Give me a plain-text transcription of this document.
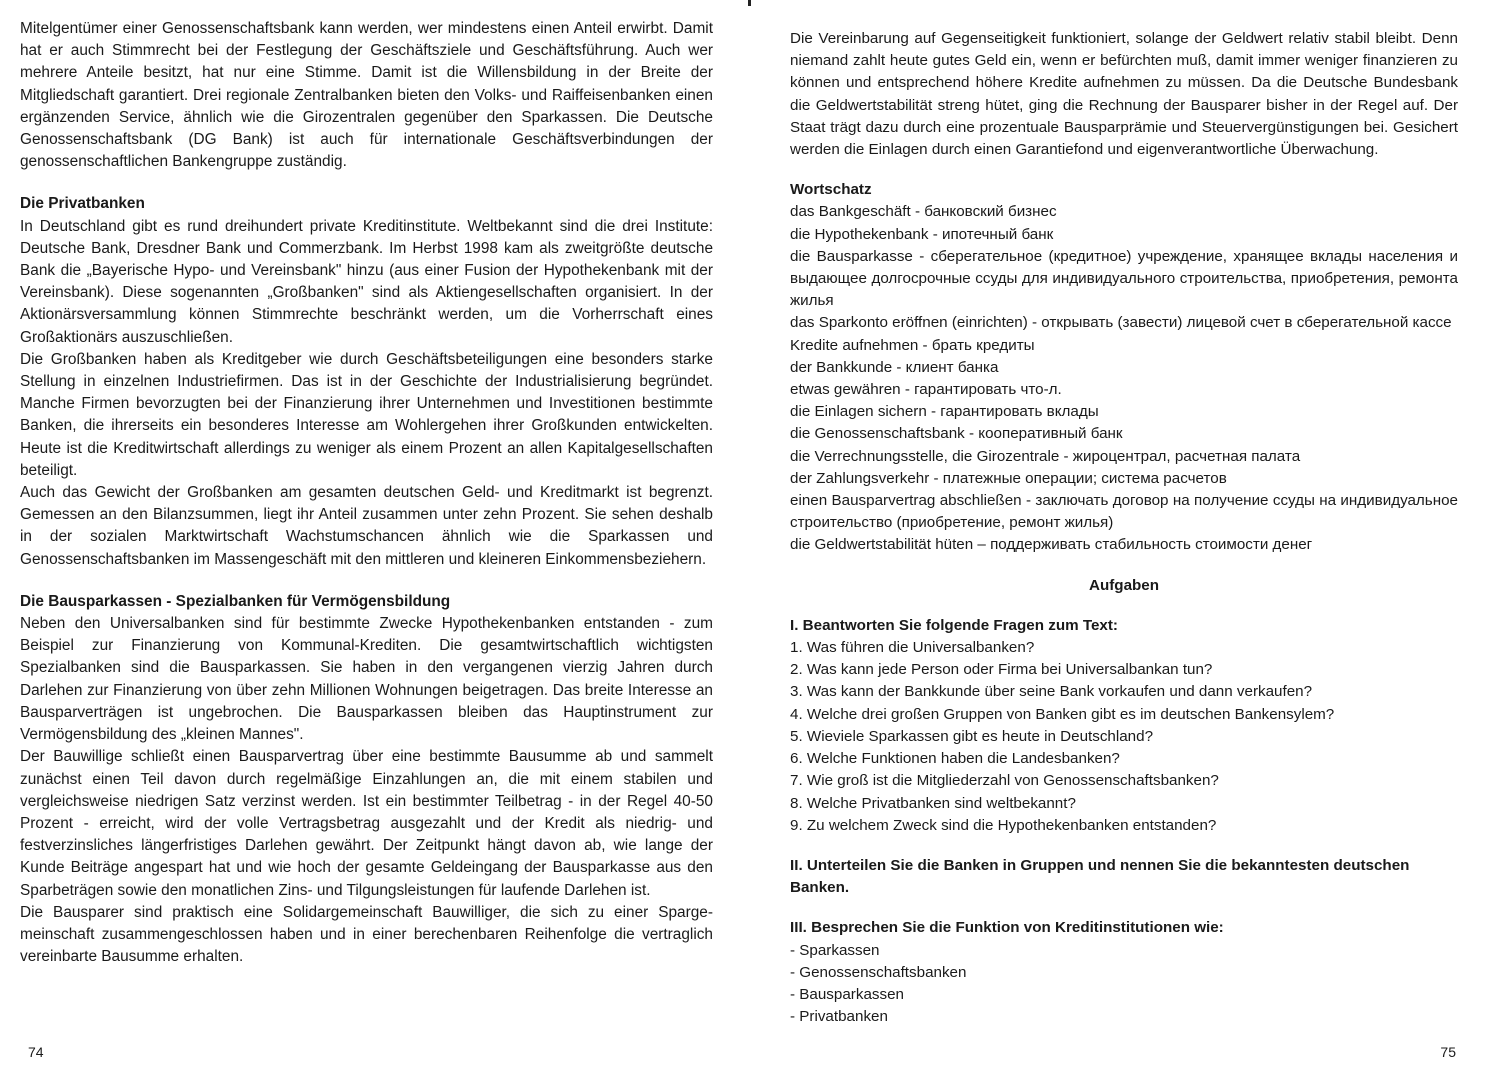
Mitelgentümer einer Genossenschaftsbank kann werden, wer mindestens einen Anteil erwirbt. Damit hat er auch Stimmrecht bei der Festlegung der Geschäftsziele und Geschäftsführung. Auch wer mehrere Anteile besitzt, hat nur eine Stimme. Damit ist die Willensbildung in der Breite der Mitgliedschaft garantiert. Drei regionale Zentralbanken bieten den Volks- und Raiffeisenbanken einen ergänzenden Service, ähnlich wie die Girozentralen gegenüber den Sparkassen. Die Deutsche Genossenschaftsbank (DG Bank) ist auch für internationale Geschäftsverbindungen der genossenschaftlichen Bankengruppe zuständig.

Die Privatbanken

In Deutschland gibt es rund dreihundert private Kreditinstitute. Weltbekannt sind die drei Institute: Deutsche Bank, Dresdner Bank und Commerzbank. Im Herbst 1998 kam als zweitgrößte deutsche Bank die „Bayerische Hypo- und Vereinsbank" hinzu (aus einer Fusion der Hypothekenbank mit der Vereinsbank). Diese sogenannten „Großbanken" sind als Aktiengesellschaften organisiert. In der Aktionärsversammlung können Stimmrechte beschränkt werden, um die Vorherrschaft eines Großaktionärs auszuschließen.

Die Großbanken haben als Kreditgeber wie durch Geschäftsbeteiligungen eine besonders starke Stellung in einzelnen Industriefirmen. Das ist in der Geschichte der Industrialisierung begründet. Manche Firmen bevorzugten bei der Finanzierung ihrer Unternehmen und Investitionen bestimmte Banken, die ihrerseits ein besonderes Interesse am Wohlergehen ihrer Großkunden entwickelten. Heute ist die Kreditwirtschaft allerdings zu weniger als einem Prozent an allen Kapitalgesellschaften beteiligt.

Auch das Gewicht der Großbanken am gesamten deutschen Geld- und Kreditmarkt ist begrenzt. Gemessen an den Bilanzsummen, liegt ihr Anteil zusammen unter zehn Prozent. Sie sehen deshalb in der sozialen Marktwirtschaft Wachstumschancen ähnlich wie die Sparkassen und Genossenschaftsbanken im Massengeschäft mit den mittleren und kleineren Einkommensbeziehern.

Die Bausparkassen - Spezialbanken für Vermögensbildung

Neben den Universalbanken sind für bestimmte Zwecke Hypothekenbanken entstanden - zum Beispiel zur Finanzierung von Kommunal-Krediten. Die gesamtwirtschaftlich wichtigsten Spezialbanken sind die Bausparkassen. Sie haben in den vergangenen vierzig Jahren durch Darlehen zur Finanzierung von über zehn Millionen Wohnungen beigetragen. Das breite Interesse an Bausparverträgen ist ungebrochen. Die Bausparkassen bleiben das Hauptinstrument zur Vermögensbildung des „kleinen Mannes".

Der Bauwillige schließt einen Bausparvertrag über eine bestimmte Bausumme ab und sammelt zunächst einen Teil davon durch regelmäßige Einzahlungen an, die mit einem stabilen und vergleichsweise niedrigen Satz verzinst werden. Ist ein bestimmter Teilbetrag - in der Regel 40-50 Prozent - erreicht, wird der volle Vertragsbetrag ausgezahlt und der Kredit als niedrig- und festverzinsliches längerfristiges Darlehen gewährt. Der Zeitpunkt hängt davon ab, wie lange der Kunde Beiträge angespart hat und wie hoch der gesamte Geldeingang der Bausparkasse aus den Sparbeträgen sowie den monatlichen Zins- und Tilgungsleistungen für laufende Darlehen ist.

Die Bausparer sind praktisch eine Solidargemeinschaft Bauwilliger, die sich zu einer Sparge-meinschaft zusammengeschlossen haben und in einer berechenbaren Reihenfolge die vertraglich vereinbarte Bausumme erhalten.

74

Die Vereinbarung auf Gegenseitigkeit funktioniert, solange der Geldwert relativ stabil bleibt. Denn niemand zahlt heute gutes Geld ein, wenn er befürchten muß, damit immer weniger finanzieren zu können und entsprechend höhere Kredite aufnehmen zu müssen. Da die Deutsche Bundesbank die Geldwertstabilität streng hütet, ging die Rechnung der Bausparer bisher in der Regel auf. Der Staat trägt dazu durch eine prozentuale Bausparprämie und Steuervergünstigungen bei. Gesichert werden die Einlagen durch einen Garantiefond und eigenverantwortliche Überwachung.

Wortschatz

das Bankgeschäft - банковский бизнес

die Hypothekenbank - ипотечный банк

die Bausparkasse - сберегательное (кредитное) учреждение, хранящее вклады населения и выдающее долгосрочные ссуды для индивидуального строительства, приобретения, ремонта жилья

das Sparkonto eröffnen (einrichten) - открывать (завести) лицевой счет в сберегательной кассе

Kredite aufnehmen - брать кредиты

der Bankkunde - клиент банка

etwas gewähren - гарантировать что-л.

die Einlagen sichern - гарантировать вклады

die Genossenschaftsbank - кооперативный банк

die Verrechnungsstelle, die Girozentrale - жироцентрал, расчетная палата

der Zahlungsverkehr - платежные операции; система расчетов

einen Bausparvertrag abschließen - заключать договор на получение ссуды на индивидуальное строительство (приобретение, ремонт жилья)

die Geldwertstabilität hüten – поддерживать стабильность стоимости денег

Aufgaben

I. Beantworten Sie folgende Fragen zum Text:

1. Was führen die Universalbanken?

2. Was kann jede Person oder Firma bei Universalbankan tun?

3. Was kann der Bankkunde über seine Bank vorkaufen und dann verkaufen?

4. Welche drei großen Gruppen von Banken gibt es im deutschen Bankensylem?

5. Wieviele Sparkassen gibt es heute in Deutschland?

6. Welche Funktionen haben die Landesbanken?

7. Wie groß ist die Mitgliederzahl von Genossenschaftsbanken?

8. Welche Privatbanken sind weltbekannt?

9. Zu welchem Zweck sind die Hypothekenbanken entstanden?

II. Unterteilen Sie die Banken in Gruppen und nennen Sie die bekanntesten deutschen Banken.

III. Besprechen Sie die Funktion von Kreditinstitutionen wie:

- Sparkassen

- Genossenschaftsbanken

- Bausparkassen

- Privatbanken

75
